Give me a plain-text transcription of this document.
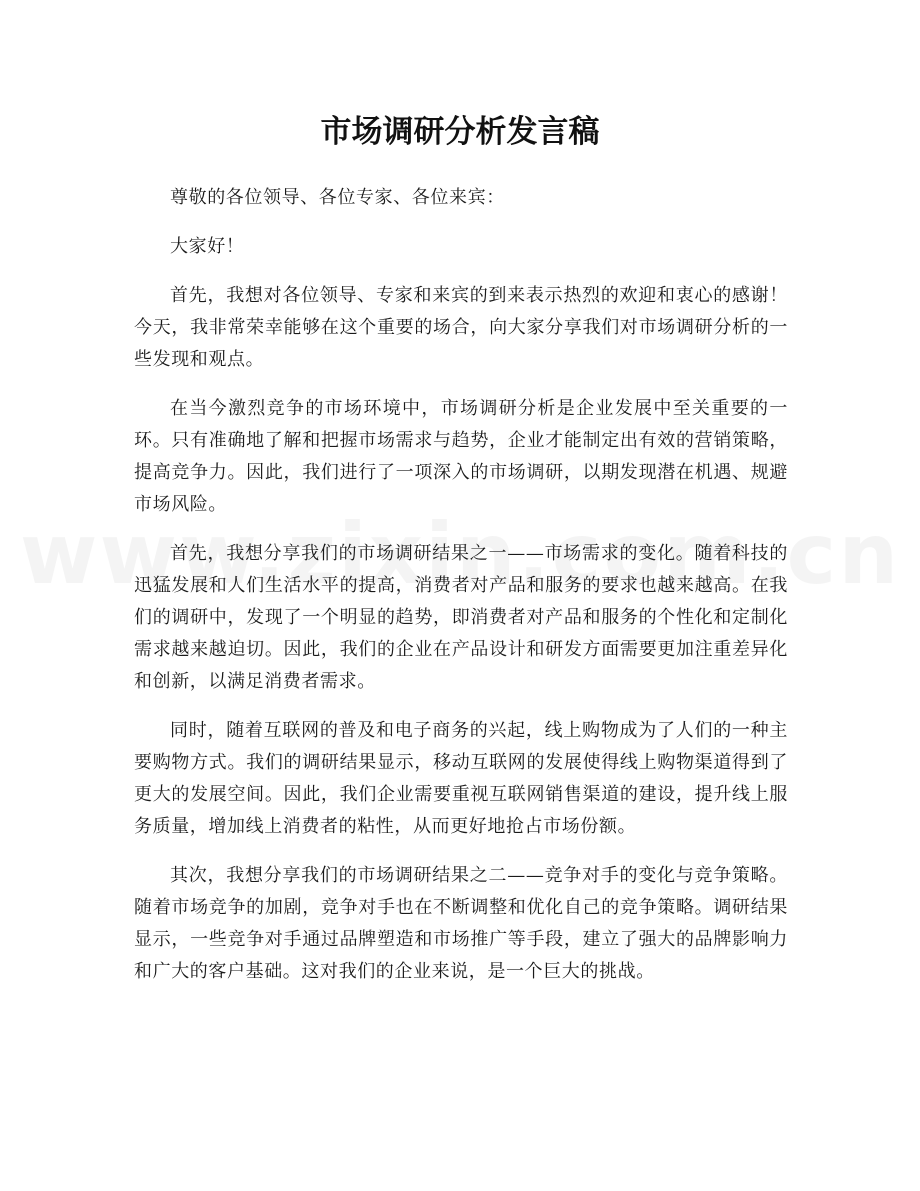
市场调研分析发言稿

尊敬的各位领导、各位专家、各位来宾：

大家好！

首先，我想对各位领导、专家和来宾的到来表示热烈的欢迎和衷心的感谢！今天，我非常荣幸能够在这个重要的场合，向大家分享我们对市场调研分析的一些发现和观点。

在当今激烈竞争的市场环境中，市场调研分析是企业发展中至关重要的一环。只有准确地了解和把握市场需求与趋势，企业才能制定出有效的营销策略，提高竞争力。因此，我们进行了一项深入的市场调研，以期发现潜在机遇、规避市场风险。

首先，我想分享我们的市场调研结果之一——市场需求的变化。随着科技的迅猛发展和人们生活水平的提高，消费者对产品和服务的要求也越来越高。在我们的调研中，发现了一个明显的趋势，即消费者对产品和服务的个性化和定制化需求越来越迫切。因此，我们的企业在产品设计和研发方面需要更加注重差异化和创新，以满足消费者需求。

同时，随着互联网的普及和电子商务的兴起，线上购物成为了人们的一种主要购物方式。我们的调研结果显示，移动互联网的发展使得线上购物渠道得到了更大的发展空间。因此，我们企业需要重视互联网销售渠道的建设，提升线上服务质量，增加线上消费者的粘性，从而更好地抢占市场份额。

其次，我想分享我们的市场调研结果之二——竞争对手的变化与竞争策略。随着市场竞争的加剧，竞争对手也在不断调整和优化自己的竞争策略。调研结果显示，一些竞争对手通过品牌塑造和市场推广等手段，建立了强大的品牌影响力和广大的客户基础。这对我们的企业来说，是一个巨大的挑战。
